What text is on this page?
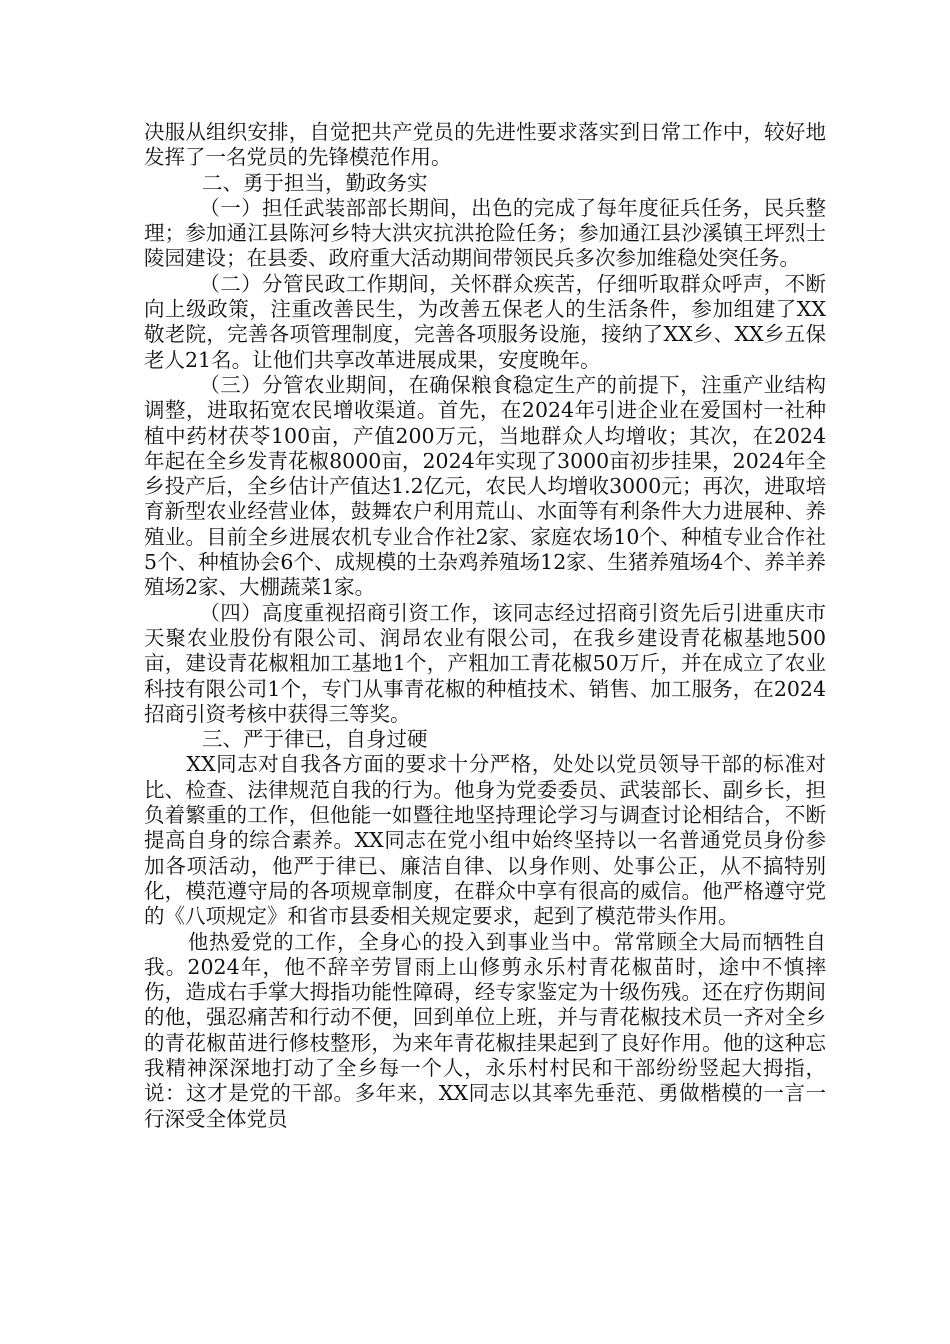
决服从组织安排，自觉把共产党员的先进性要求落实到日常工作中，较好地发挥了一名党员的先锋模范作用。

二、勇于担当，勤政务实

（一）担任武装部部长期间，出色的完成了每年度征兵任务，民兵整理；参加通江县陈河乡特大洪灾抗洪抢险任务；参加通江县沙溪镇王坪烈士陵园建设；在县委、政府重大活动期间带领民兵多次参加维稳处突任务。

（二）分管民政工作期间，关怀群众疾苦，仔细听取群众呼声，不断向上级政策，注重改善民生，为改善五保老人的生活条件，参加组建了XX敬老院，完善各项管理制度，完善各项服务设施，接纳了XX乡、XX乡五保老人21名。让他们共享改革进展成果，安度晚年。

（三）分管农业期间，在确保粮食稳定生产的前提下，注重产业结构调整，进取拓宽农民增收渠道。首先，在2024年引进企业在爱国村一社种植中药材茯苓100亩，产值200万元，当地群众人均增收；其次，在2024年起在全乡发青花椒8000亩，2024年实现了3000亩初步挂果，2024年全乡投产后，全乡估计产值达1.2亿元，农民人均增收3000元；再次，进取培育新型农业经营业体，鼓舞农户利用荒山、水面等有利条件大力进展种、养殖业。目前全乡进展农机专业合作社2家、家庭农场10个、种植专业合作社5个、种植协会6个、成规模的土杂鸡养殖场12家、生猪养殖场4个、养羊养殖场2家、大棚蔬菜1家。

（四）高度重视招商引资工作，该同志经过招商引资先后引进重庆市天聚农业股份有限公司、润昂农业有限公司，在我乡建设青花椒基地500亩，建设青花椒粗加工基地1个，产粗加工青花椒50万斤，并在成立了农业科技有限公司1个，专门从事青花椒的种植技术、销售、加工服务，在2024招商引资考核中获得三等奖。

三、严于律已，自身过硬

XX同志对自我各方面的要求十分严格，处处以党员领导干部的标准对比、检查、法律规范自我的行为。他身为党委委员、武装部长、副乡长，担负着繁重的工作，但他能一如暨往地坚持理论学习与调查讨论相结合，不断提高自身的综合素养。XX同志在党小组中始终坚持以一名普通党员身份参加各项活动，他严于律已、廉洁自律、以身作则、处事公正，从不搞特别化，模范遵守局的各项规章制度，在群众中享有很高的威信。他严格遵守党的《八项规定》和省市县委相关规定要求，起到了模范带头作用。

他热爱党的工作，全身心的投入到事业当中。常常顾全大局而牺牲自我。2024年，他不辞辛劳冒雨上山修剪永乐村青花椒苗时，途中不慎摔伤，造成右手掌大拇指功能性障碍，经专家鉴定为十级伤残。还在疗伤期间的他，强忍痛苦和行动不便，回到单位上班，并与青花椒技术员一齐对全乡的青花椒苗进行修枝整形，为来年青花椒挂果起到了良好作用。他的这种忘我精神深深地打动了全乡每一个人，永乐村村民和干部纷纷竖起大拇指，说：这才是党的干部。多年来，XX同志以其率先垂范、勇做楷模的一言一行深受全体党员
